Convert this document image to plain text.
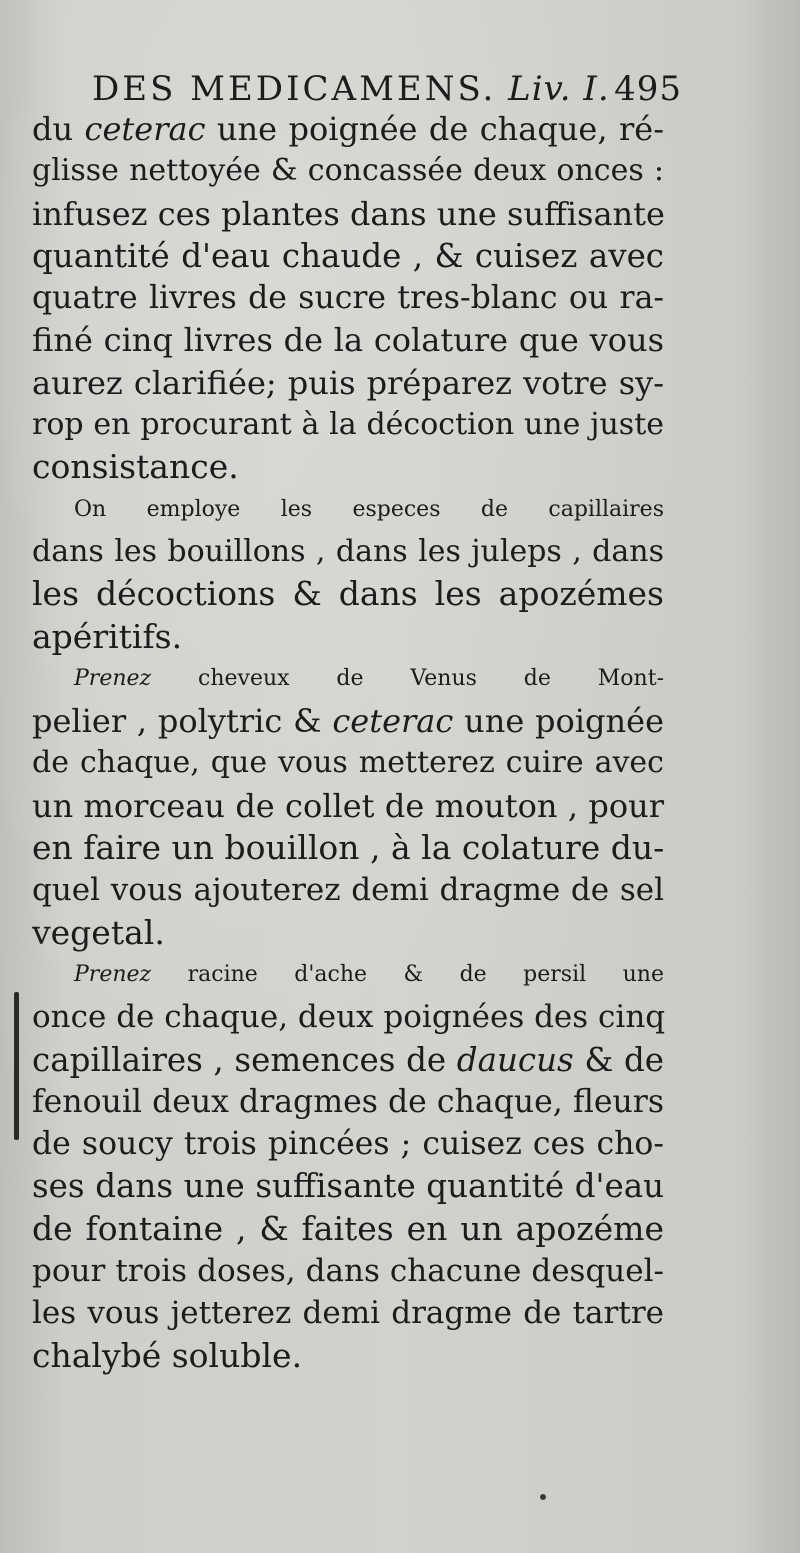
DES MEDICAMENS. Liv. I. 495
du ceterac une poignée de chaque, ré-
glisse nettoyée & concassée deux onces :
infusez ces plantes dans une suffisante
quantité d'eau chaude , & cuisez avec
quatre livres de sucre tres-blanc ou ra-
finé cinq livres de la colature que vous
aurez clarifiée; puis préparez votre sy-
rop en procurant à la décoction une juste
consistance.
On employe les especes de capillaires
dans les bouillons , dans les juleps , dans
les décoctions & dans les apozémes
apéritifs.
Prenez cheveux de Venus de Mont-
pelier , polytric & ceterac une poignée
de chaque, que vous metterez cuire avec
un morceau de collet de mouton , pour
en faire un bouillon , à la colature du-
quel vous ajouterez demi dragme de sel
vegetal.
Prenez racine d'ache & de persil une
once de chaque, deux poignées des cinq
capillaires , semences de daucus & de
fenouil deux dragmes de chaque, fleurs
de soucy trois pincées ; cuisez ces cho-
ses dans une suffisante quantité d'eau
de fontaine , & faites en un apozéme
pour trois doses, dans chacune desquel-
les vous jetterez demi dragme de tartre
chalybé soluble.
